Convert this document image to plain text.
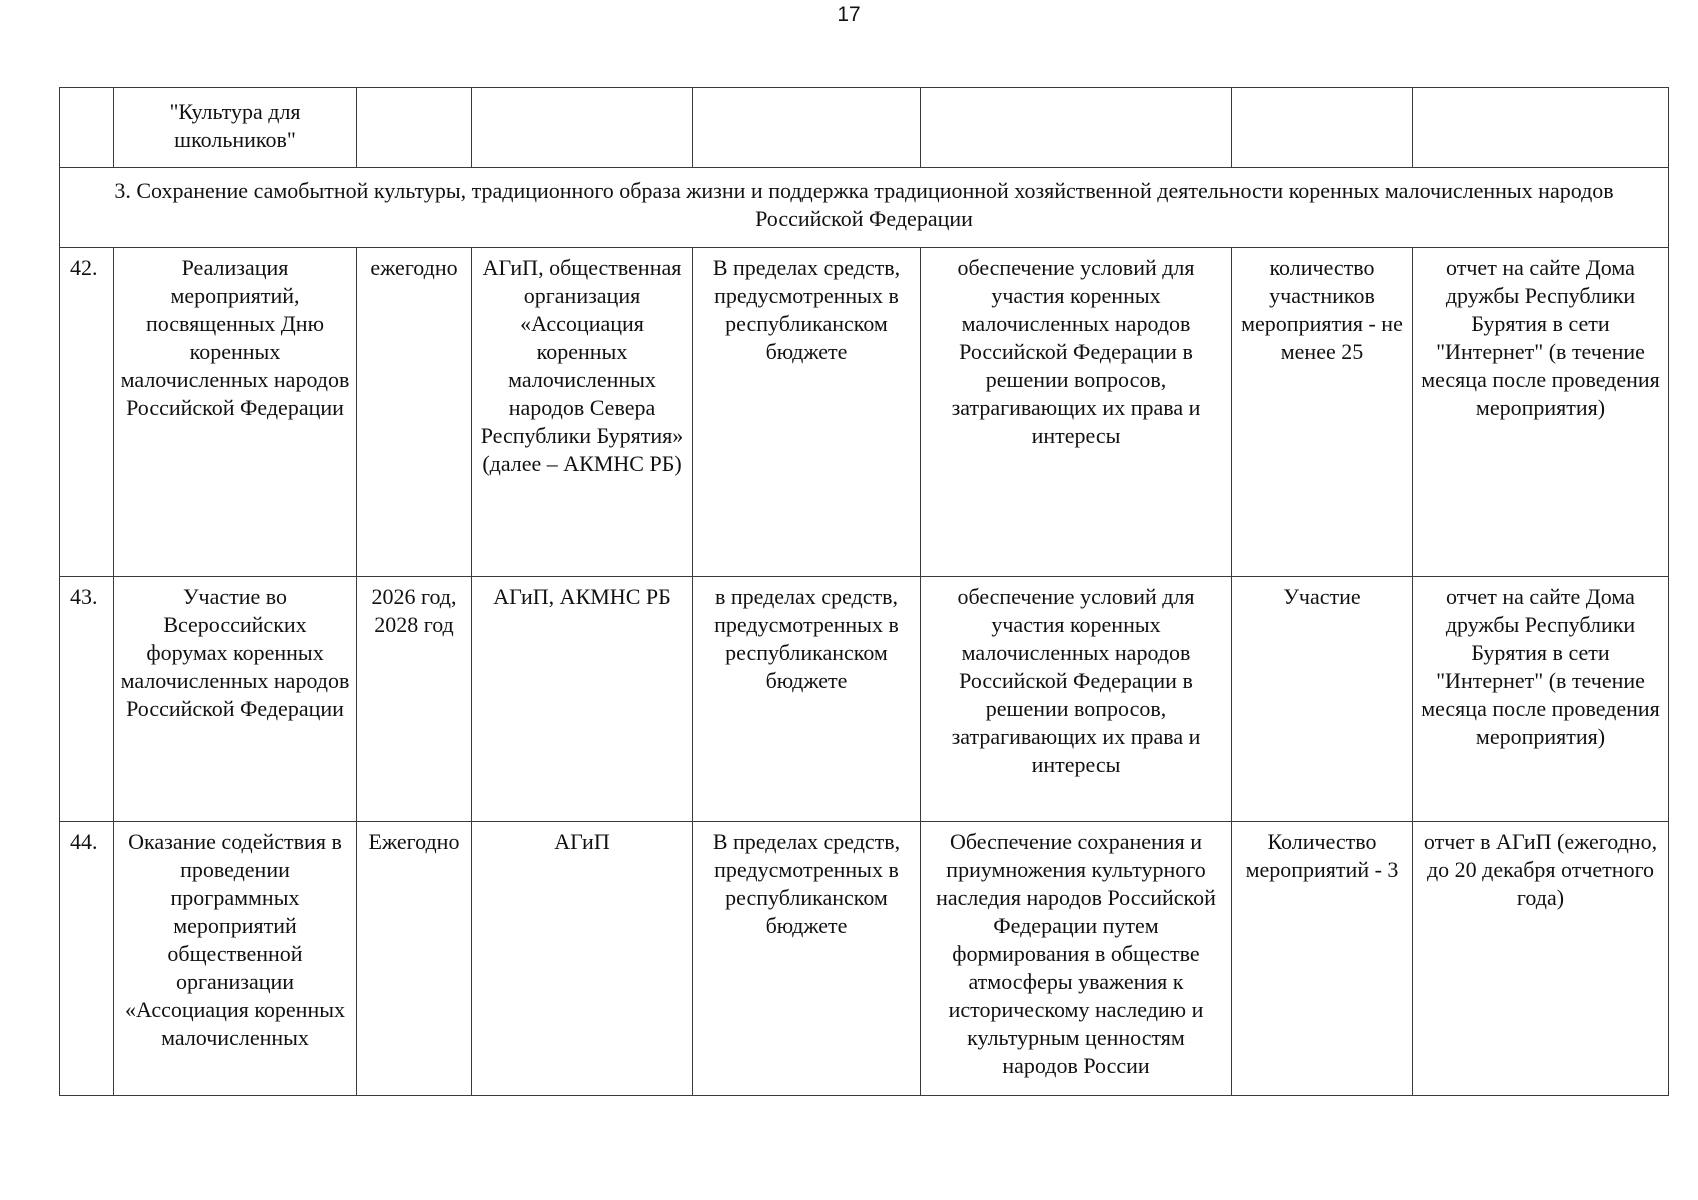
17
	"Культура для школьников"						
3. Сохранение самобытной культуры, традиционного образа жизни и поддержка традиционной хозяйственной деятельности коренных малочисленных народов Российской Федерации							
42.	Реализация мероприятий, посвященных Дню коренных малочисленных народов Российской Федерации	ежегодно	АГиП, общественная организация «Ассоциация коренных малочисленных народов Севера Республики Бурятия» (далее – АКМНС РБ)	В пределах средств, предусмотренных в республиканском бюджете	обеспечение условий для участия коренных малочисленных народов Российской Федерации в решении вопросов, затрагивающих их права и интересы	количество участников мероприятия - не менее 25	отчет на сайте Дома дружбы Республики Бурятия в сети "Интернет" (в течение месяца после проведения мероприятия)
43.	Участие во Всероссийских форумах коренных малочисленных народов Российской Федерации	2026 год, 2028 год	АГиП, АКМНС РБ	в пределах средств, предусмотренных в республиканском бюджете	обеспечение условий для участия коренных малочисленных народов Российской Федерации в решении вопросов, затрагивающих их права и интересы	Участие	отчет на сайте Дома дружбы Республики Бурятия в сети "Интернет" (в течение месяца после проведения мероприятия)
44.	Оказание содействия в проведении программных мероприятий общественной организации «Ассоциация коренных малочисленных	Ежегодно	АГиП	В пределах средств, предусмотренных в республиканском бюджете	Обеспечение сохранения и приумножения культурного наследия народов Российской Федерации путем формирования в обществе атмосферы уважения к историческому наследию и культурным ценностям народов России	Количество мероприятий - 3	отчет в АГиП (ежегодно, до 20 декабря отчетного года)
